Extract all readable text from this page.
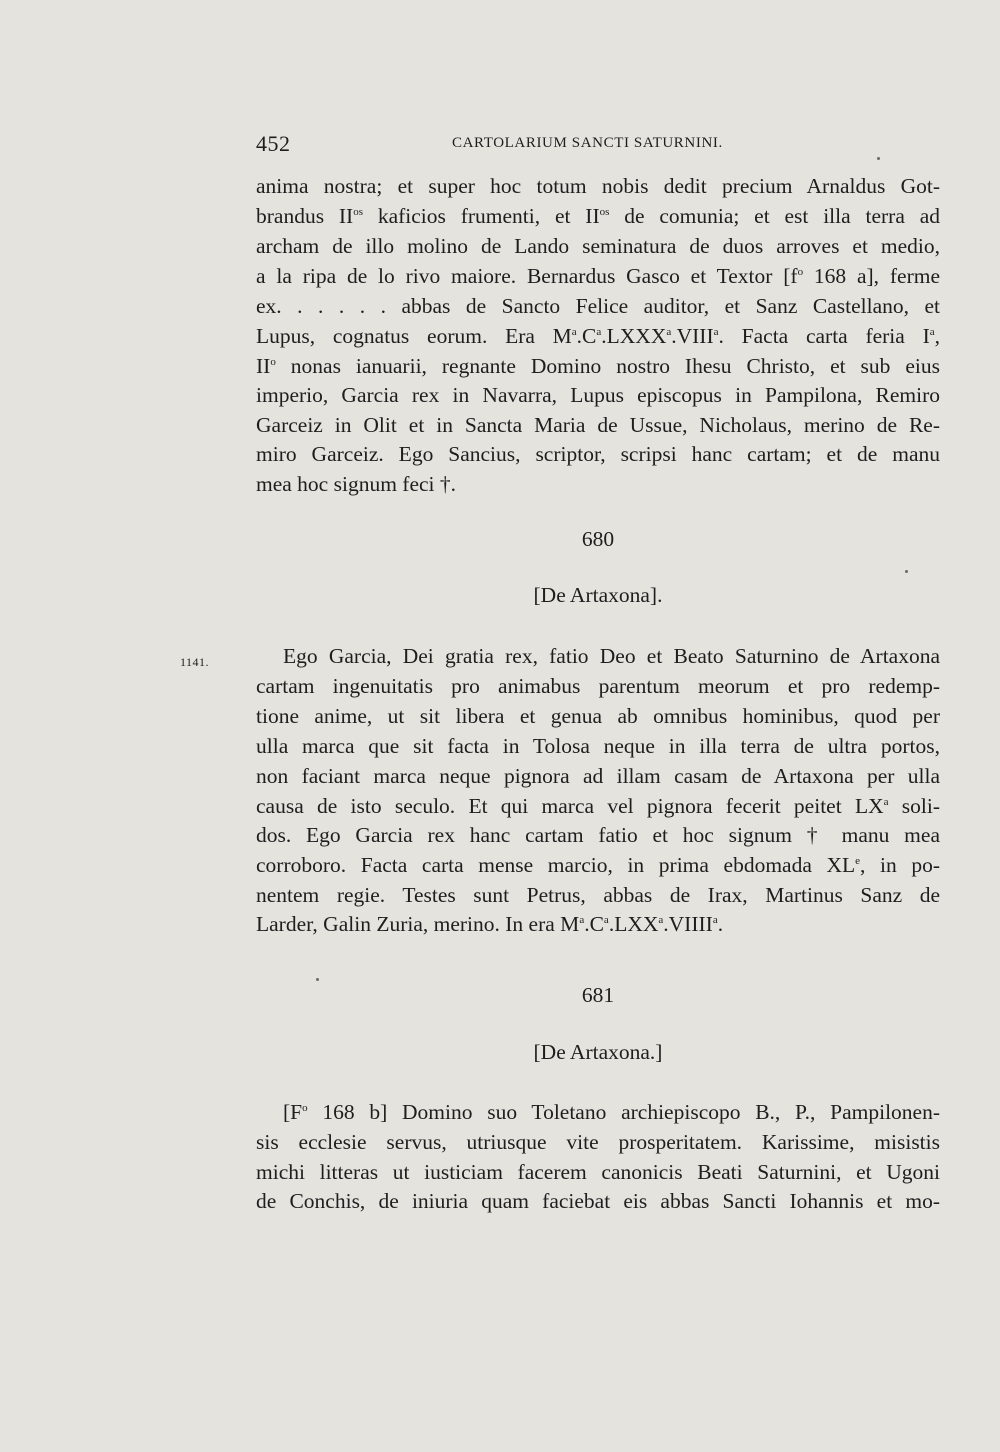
452	CARTOLARIUM SANCTI SATURNINI.
anima nostra; et super hoc totum nobis dedit precium Arnaldus Got-
brandus $II^{os}$ kaficios frumenti, et $II^{os}$ de comunia; et est illa terra ad
archam de illo molino de Lando seminatura de duos arroves et medio,
a la ripa de lo rivo maiore. Bernardus Gasco et Textor [$f^o$ 168 a], ferme
ex. . . . . . abbas de Sancto Felice auditor, et Sanz Castellano, et
Lupus, cognatus eorum. Era $M^a.C^a.LXXX^a.VIII^a$. Facta carta feria $I^a$,
$II^o$ nonas ianuarii, regnante Domino nostro Ihesu Christo, et sub eius
imperio, Garcia rex in Navarra, Lupus episcopus in Pampilona, Remiro
Garceiz in Olit et in Sancta Maria de Ussue, Nicholaus, merino de Re-
miro Garceiz. Ego Sancius, scriptor, scripsi hanc cartam; et de manu
mea hoc signum feci †.
680
[De Artaxona].
1141.	Ego Garcia, Dei gratia rex, fatio Deo et Beato Saturnino de Artaxona
cartam ingenuitatis pro animabus parentum meorum et pro redemp-
tione anime, ut sit libera et genua ab omnibus hominibus, quod per
ulla marca que sit facta in Tolosa neque in illa terra de ultra portos,
non faciant marca neque pignora ad illam casam de Artaxona per ulla
causa de isto seculo. Et qui marca vel pignora fecerit peitet $LX^a$ soli-
dos. Ego Garcia rex hanc cartam fatio et hoc signum † manu mea
corroboro. Facta carta mense marcio, in prima ebdomada XLe, in po-
nentem regie. Testes sunt Petrus, abbas de Irax, Martinus Sanz de
Larder, Galin Zuria, merino. In era $M^a.C^a.LXX^a.VIIII^a$.
681
[De Artaxona.]
[$F^o$ 168 b] Domino suo Toletano archiepiscopo B., P., Pampilonen-
sis ecclesie servus, utriusque vite prosperitatem. Karissime, misistis
michi litteras ut iusticiam facerem canonicis Beati Saturnini, et Ugoni
de Conchis, de iniuria quam faciebat eis abbas Sancti Iohannis et mo-
